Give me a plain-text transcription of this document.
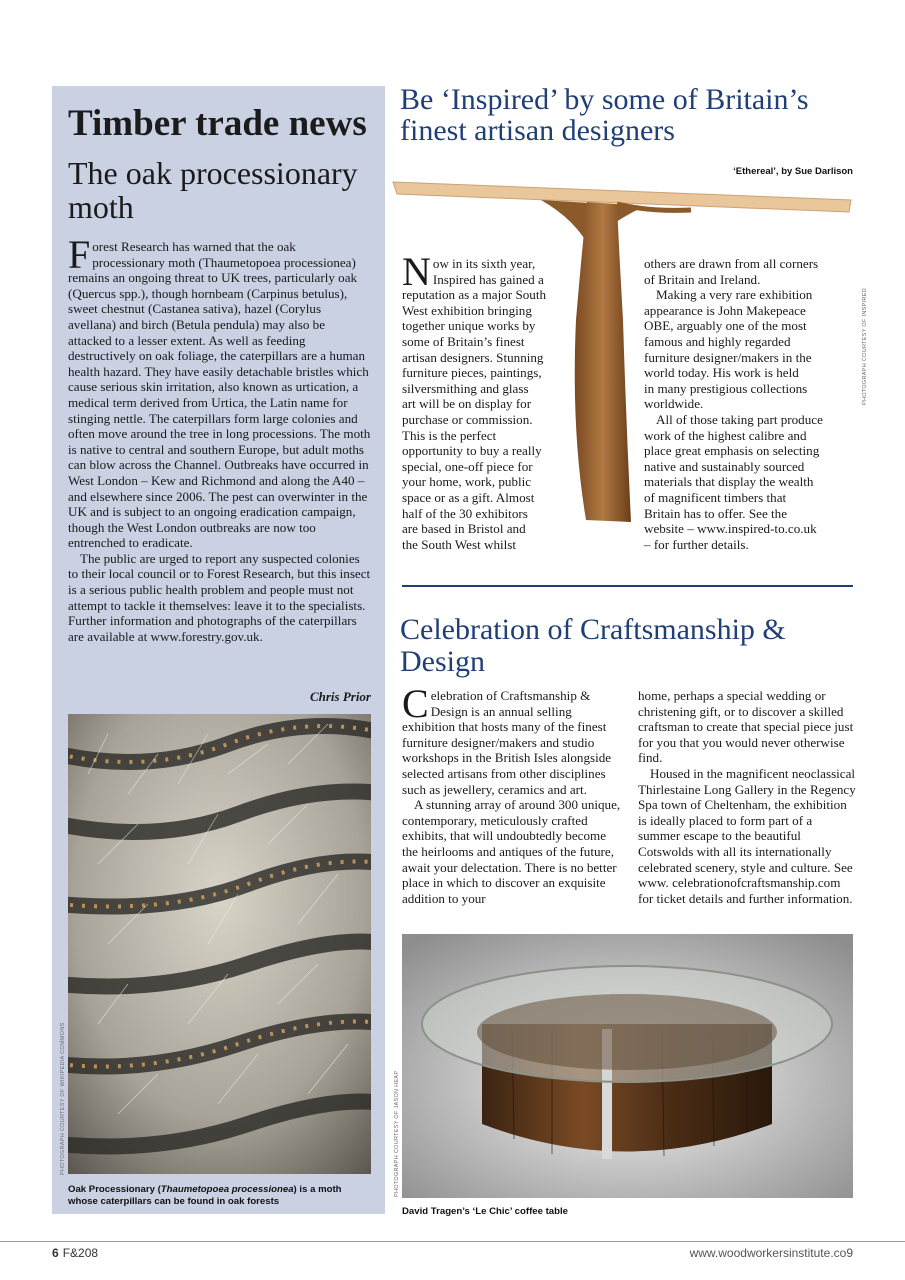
Timber trade news
The oak processionary moth

Forest Research has warned that the oak processionary moth (Thaumetopoea processionea) remains an ongoing threat to UK trees, particularly oak (Quercus spp.), though hornbeam (Carpinus betulus), sweet chestnut (Castanea sativa), hazel (Corylus avellana) and birch (Betula pendula) may also be attacked to a lesser extent. As well as feeding destructively on oak foliage, the caterpillars are a human health hazard. They have easily detachable bristles which cause serious skin irritation, also known as urtication, a medical term derived from Urtica, the Latin name for stinging nettle. The caterpillars form large colonies and often move around the tree in long processions. The moth is native to central and southern Europe, but adult moths can blow across the Channel. Outbreaks have occurred in West London – Kew and Richmond and along the A40 – and elsewhere since 2006. The pest can overwinter in the UK and is subject to an ongoing eradication campaign, though the West London outbreaks are now too entrenched to eradicate.

The public are urged to report any suspected colonies to their local council or to Forest Research, but this insect is a serious public health problem and people must not attempt to tackle it themselves: leave it to the specialists. Further information and photographs of the caterpillars are available at www.forestry.gov.uk.

Chris Prior
PHOTOGRAPH COURTESY OF WIKIPEDIA COMMONS
Oak Processionary (Thaumetopoea processionea) is a moth whose caterpillars can be found in oak forests
Be ‘Inspired’ by some of Britain’s finest artisan designers
‘Ethereal’, by Sue Darlison
N ow in its sixth year,
Inspired has gained a
reputation as a major South
West exhibition bringing
together unique works by
some of Britain’s finest
artisan designers. Stunning
furniture pieces, paintings,
silversmithing and glass
art will be on display for
purchase or commission.
This is the perfect
opportunity to buy a really
special, one-off piece for
your home, work, public
space or as a gift. Almost
half of the 30 exhibitors
are based in Bristol and
the South West whilst
others are drawn from all corners
of Britain and Ireland.
Making a very rare exhibition
appearance is John Makepeace
OBE, arguably one of the most
famous and highly regarded
furniture designer/makers in the
world today. His work is held
in many prestigious collections
worldwide.
All of those taking part produce
work of the highest calibre and
place great emphasis on selecting
native and sustainably sourced
materials that display the wealth
of magnificent timbers that
Britain has to offer. See the
website – www.inspired-to.co.uk
– for further details.
PHOTOGRAPH COURTESY OF INSPIRED
Celebration of Craftsmanship & Design

Celebration of Craftsmanship & Design is an annual selling exhibition that hosts many of the finest furniture designer/makers and studio workshops in the British Isles alongside selected artisans from other disciplines such as jewellery, ceramics and art.

A stunning array of around 300 unique, contemporary, meticulously crafted exhibits, that will undoubtedly become the heirlooms and antiques of the future, await your delectation. There is no better place in which to discover an exquisite addition to your

home, perhaps a special wedding or christening gift, or to discover a skilled craftsman to create that special piece just for you that you would never otherwise find.

Housed in the magnificent neoclassical Thirlestaine Long Gallery in the Regency Spa town of Cheltenham, the exhibition is ideally placed to form part of a summer escape to the beautiful Cotswolds with all its internationally celebrated scenery, style and culture. See www. celebrationofcraftsmanship.com for ticket details and further information.

PHOTOGRAPH COURTESY OF JASON HEAP
David Tragen’s ‘Le Chic’ coffee table
6 F&208	www.woodworkersinstitute.co9
